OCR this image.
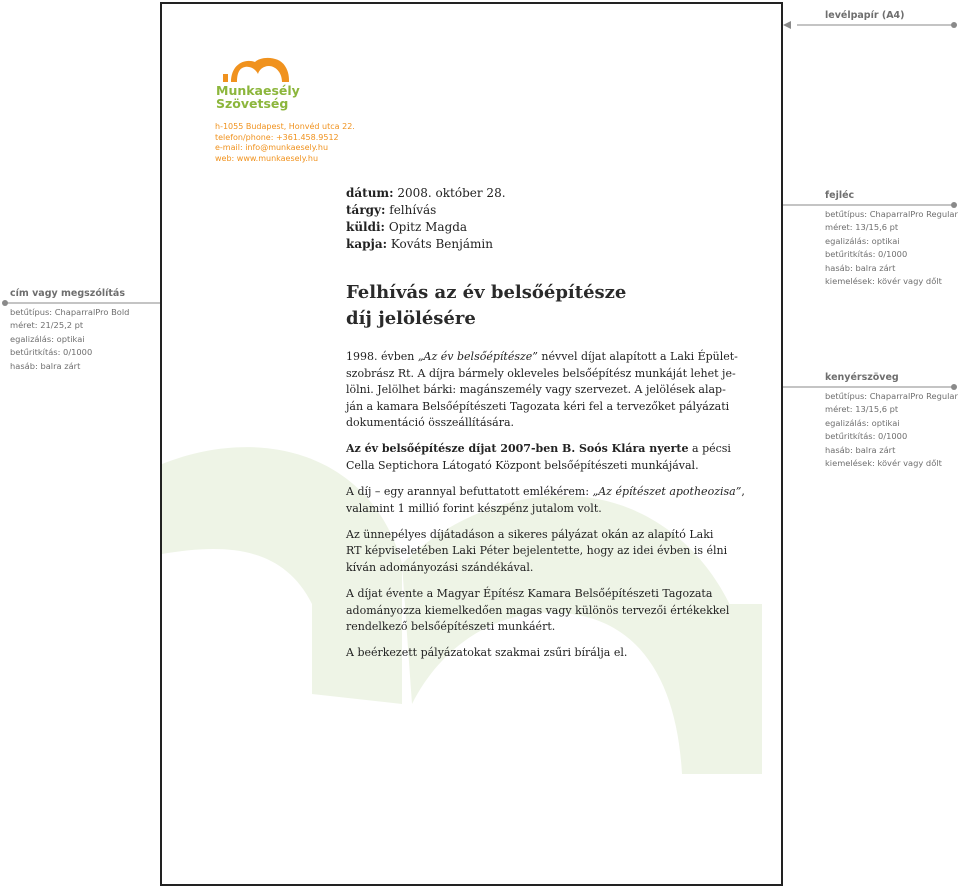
levélpapír (A4)
Munkaesély
Szövetség
h-1055 Budapest, Honvéd utca 22.
telefon/phone: +361.458.9512
e-mail: info@munkaesely.hu
web: www.munkaesely.hu
dátum: 2008. október 28.
tárgy: felhívás
küldi: Opitz Magda
kapja: Kováts Benjámin
Felhívás az év belsőépítésze
díj jelölésére

1998. évben „Az év belsőépítésze” névvel díjat alapított a Laki Épület-
szobrász Rt. A díjra bármely okleveles belsőépítész munkáját lehet je-
lölni. Jelölhet bárki: magánszemély vagy szervezet. A jelölések alap-
ján a kamara Belsőépítészeti Tagozata kéri fel a tervezőket pályázati
dokumentáció összeállítására.

Az év belsőépítésze díjat 2007-ben B. Soós Klára nyerte a pécsi
Cella Septichora Látogató Központ belsőépítészeti munkájával.

A díj – egy arannyal befuttatott emlékérem: „Az építészet apotheozisa”,
valamint 1 millió forint készpénz jutalom volt.

Az ünnepélyes díjátadáson a sikeres pályázat okán az alapító Laki
RT képviseletében Laki Péter bejelentette, hogy az idei évben is élni
kíván adományozási szándékával.

A díjat évente a Magyar Építész Kamara Belsőépítészeti Tagozata
adományozza kiemelkedően magas vagy különös tervezői értékekkel
rendelkező belsőépítészeti munkáért.

A beérkezett pályázatokat szakmai zsűri bírálja el.

cím vagy megszólítás
betűtípus: ChaparralPro Bold
méret: 21/25,2 pt
egalizálás: optikai
betűritkítás: 0/1000
hasáb: balra zárt
fejléc
betűtípus: ChaparralPro Regular
méret: 13/15,6 pt
egalizálás: optikai
betűritkítás: 0/1000
hasáb: balra zárt
kiemelések: kövér vagy dőlt
kenyérszöveg
betűtípus: ChaparralPro Regular
méret: 13/15,6 pt
egalizálás: optikai
betűritkítás: 0/1000
hasáb: balra zárt
kiemelések: kövér vagy dőlt
